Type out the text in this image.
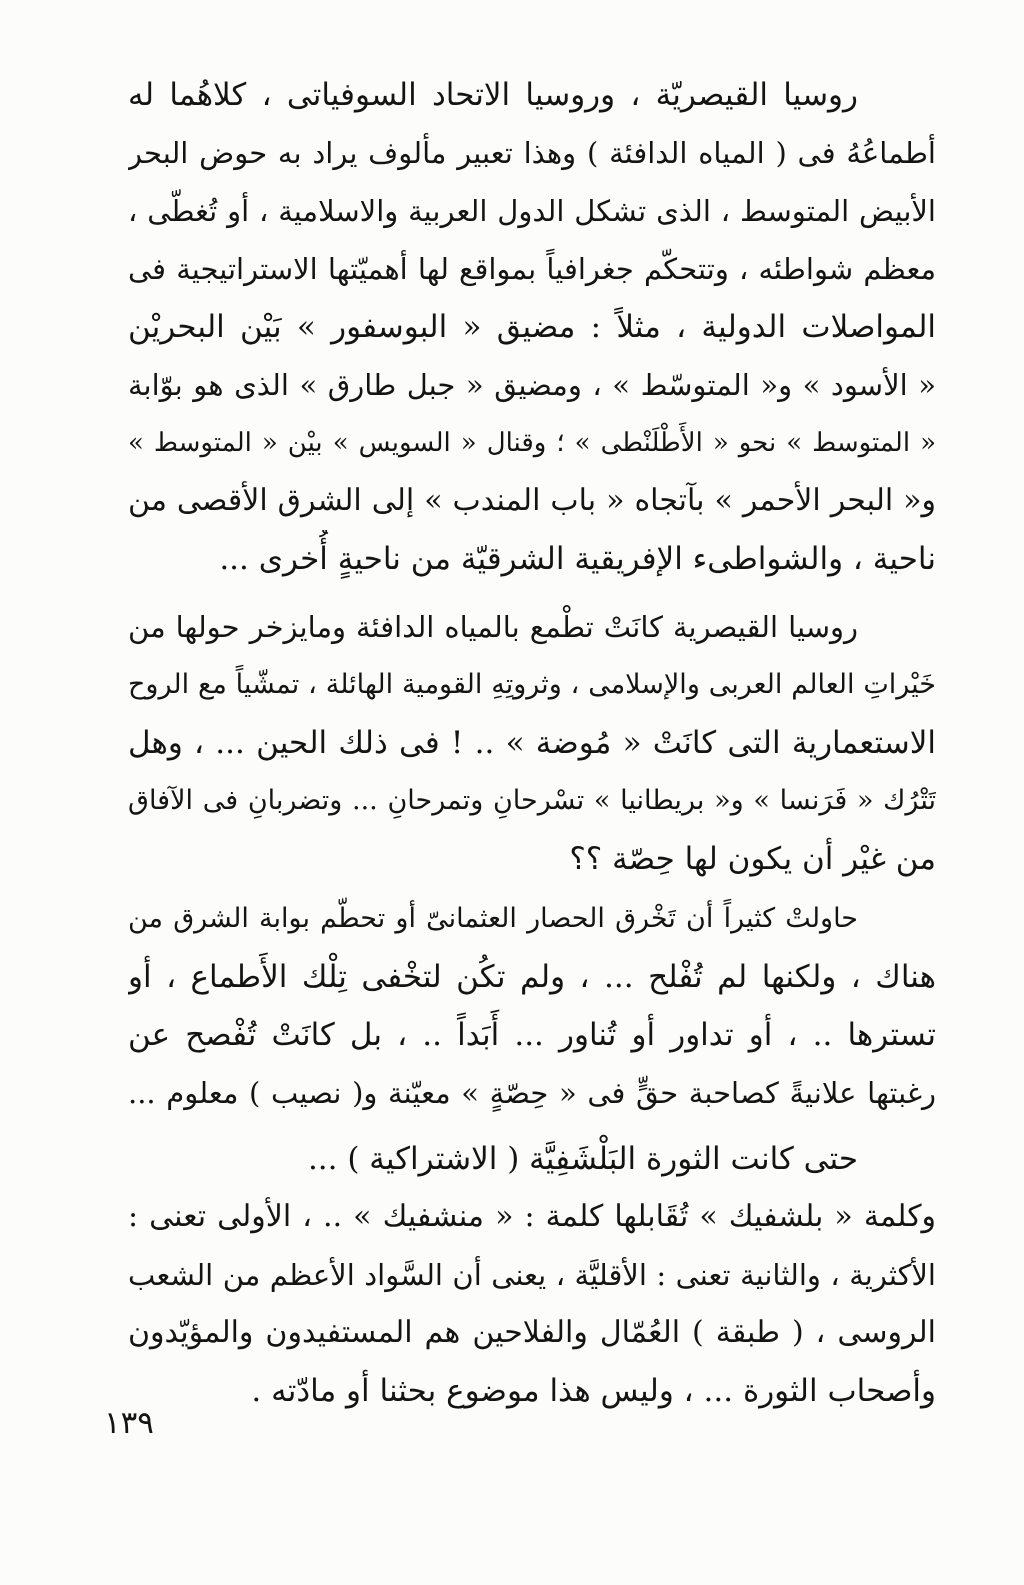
روسيا القيصريّة ، وروسيا الاتحاد السوفياتى ، كلاهُما له
أطماعُهُ فى ( المياه الدافئة ) وهذا تعبير مألوف يراد به حوض البحر
الأبيض المتوسط ، الذى تشكل الدول العربية والاسلامية ، أو تُغطّى ،
معظم شواطئه ، وتتحكّم جغرافياً بمواقع لها أهميّتها الاستراتيجية فى
المواصلات الدولية ، مثلاً : مضيق « البوسفور » بَيْن البحريْن
« الأسود » و« المتوسّط » ، ومضيق « جبل طارق » الذى هو بوّابة
« المتوسط » نحو « الأَطْلَنْطى » ؛ وقنال « السويس » بيْن « المتوسط »
و« البحر الأحمر » بآتجاه « باب المندب » إلى الشرق الأقصى من
ناحية ، والشواطىء الإفريقية الشرقيّة من ناحيةٍ أُخرى ...
روسيا القيصرية كانَتْ تطْمع بالمياه الدافئة ومايزخر حولها من
خَيْراتِ العالم العربى والإسلامى ، وثروتِهِ القومية الهائلة ، تمشّياً مع الروح
الاستعمارية التى كانَتْ « مُوضة » .. ! فى ذلك الحين ... ، وهل
تَتْرُك « فَرَنسا » و« بريطانيا » تسْرحانِ وتمرحانِ ... وتضربانِ فى الآفاق
من غيْر أن يكون لها حِصّة ؟؟
حاولتْ كثيراً أن تَخْرق الحصار العثمانىّ أو تحطّم بوابة الشرق من
هناك ، ولكنها لم تُفْلح ... ، ولم تكُن لتخْفى تِلْك الأَطماع ، أو
تسترها .. ، أو تداور أو تُناور ... أَبَداً .. ، بل كانَتْ تُفْصح عن
رغبتها علانيةً كصاحبة حقٍّ فى « حِصّةٍ » معيّنة و( نصيب ) معلوم ...
حتى كانت الثورة البَلْشَفِيَّة ( الاشتراكية ) ...
وكلمة « بلشفيك » تُقَابلها كلمة : « منشفيك » .. ، الأولى تعنى :
الأكثرية ، والثانية تعنى : الأقليَّة ، يعنى أن السَّواد الأعظم من الشعب
الروسى ، ( طبقة ) العُمّال والفلاحين هم المستفيدون والمؤيّدون
وأصحاب الثورة ... ، وليس هذا موضوع بحثنا أو مادّته .
١٣٩
